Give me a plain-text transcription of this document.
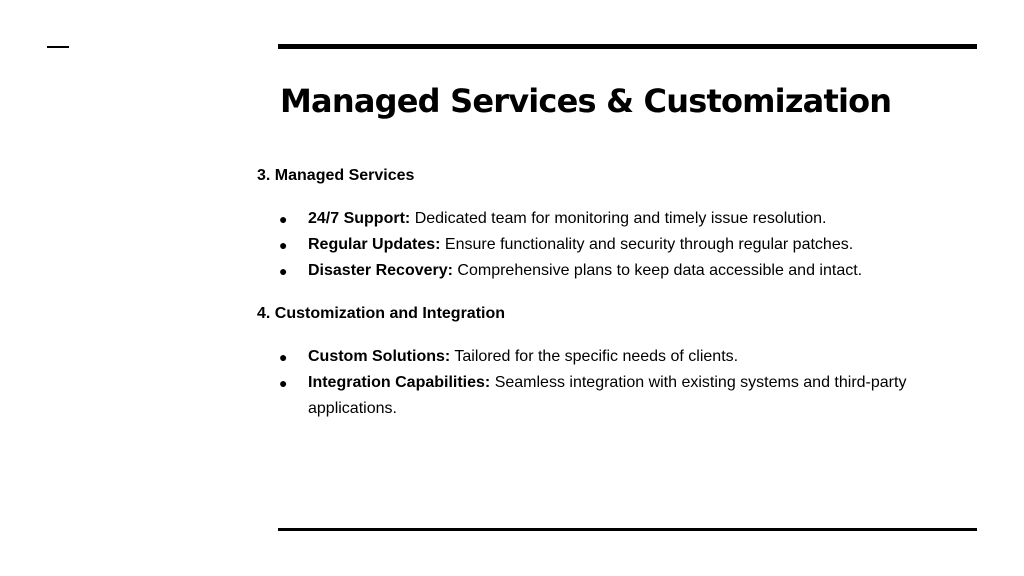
Managed Services & Customization

3. Managed Services

● 24/7 Support: Dedicated team for monitoring and timely issue resolution.
● Regular Updates: Ensure functionality and security through regular patches.
● Disaster Recovery: Comprehensive plans to keep data accessible and intact.

4. Customization and Integration

● Custom Solutions: Tailored for the specific needs of clients.
● Integration Capabilities: Seamless integration with existing systems and third-party applications.
